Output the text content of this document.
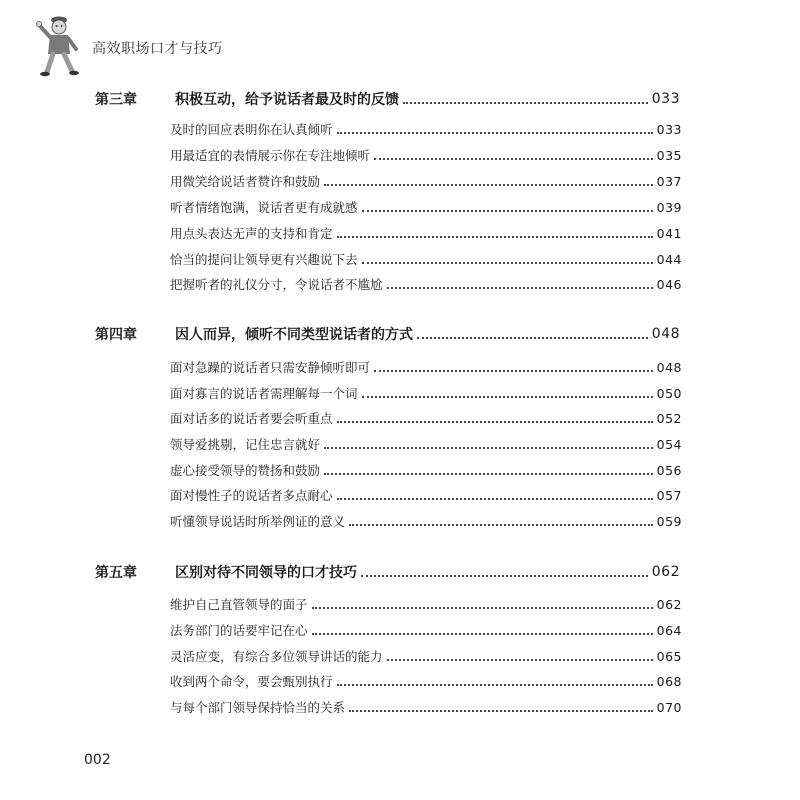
高效职场口才与技巧
第三章	积极互动，给予说话者最及时的反馈	033
及时的回应表明你在认真倾听	033
用最适宜的表情展示你在专注地倾听	035
用微笑给说话者赞许和鼓励	037
听者情绪饱满，说话者更有成就感	039
用点头表达无声的支持和肯定	041
恰当的提问让领导更有兴趣说下去	044
把握听者的礼仪分寸，令说话者不尴尬	046
第四章	因人而异，倾听不同类型说话者的方式	048
面对急躁的说话者只需安静倾听即可	048
面对寡言的说话者需理解每一个词	050
面对话多的说话者要会听重点	052
领导爱挑剔，记住忠言就好	054
虚心接受领导的赞扬和鼓励	056
面对慢性子的说话者多点耐心	057
听懂领导说话时所举例证的意义	059
第五章	区别对待不同领导的口才技巧	062
维护自己直管领导的面子	062
法务部门的话要牢记在心	064
灵活应变，有综合多位领导讲话的能力	065
收到两个命令，要会甄别执行	068
与每个部门领导保持恰当的关系	070
002
